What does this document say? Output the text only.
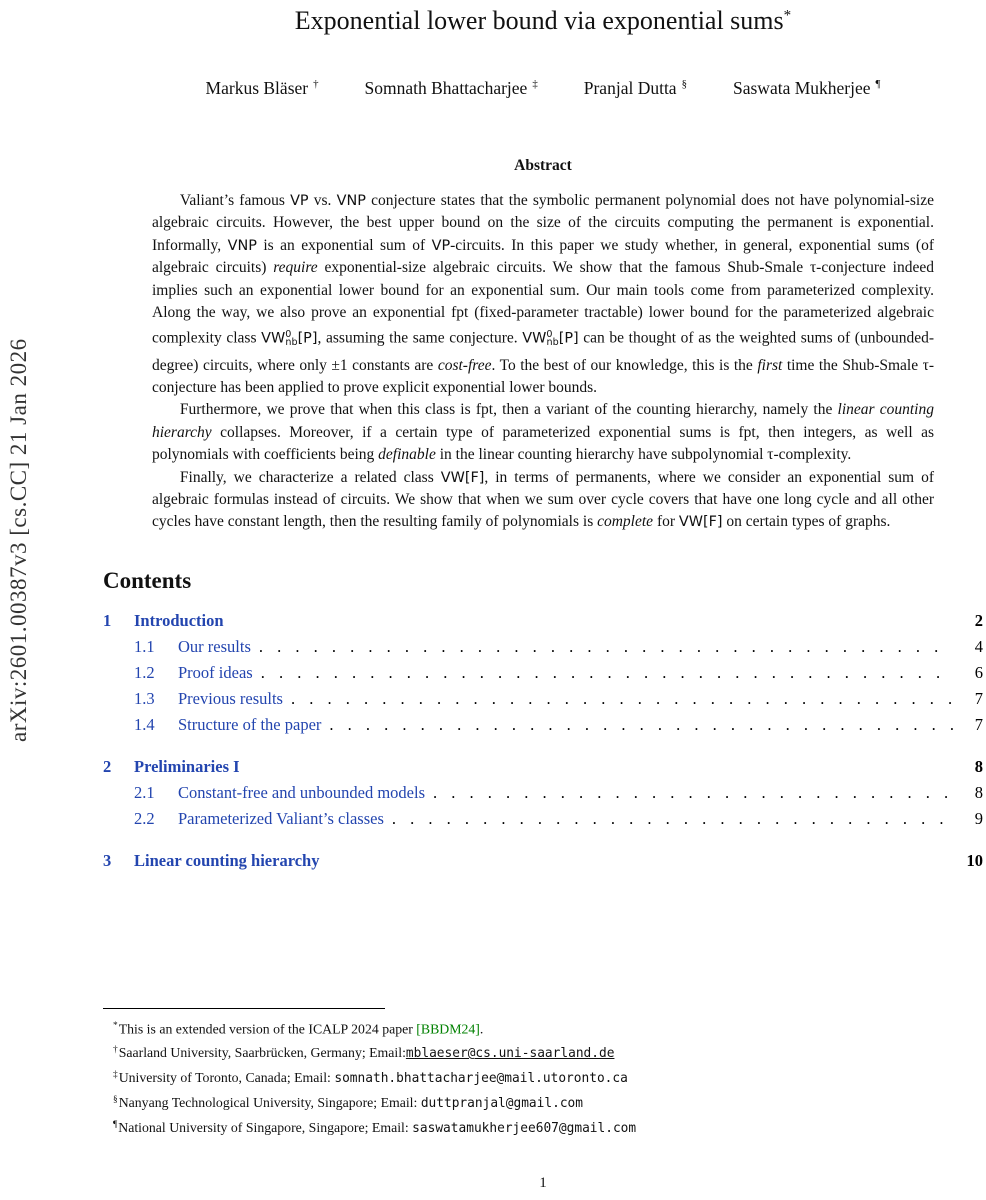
arXiv:2601.00387v3 [cs.CC] 21 Jan 2026
Exponential lower bound via exponential sums*
Markus Bläser †	Somnath Bhattacharjee ‡	Pranjal Dutta §	Saswata Mukherjee ¶
Abstract

Valiant’s famous VP vs. VNP conjecture states that the symbolic permanent polynomial does not have polynomial-size algebraic circuits. However, the best upper bound on the size of the circuits computing the permanent is exponential. Informally, VNP is an exponential sum of VP-circuits. In this paper we study whether, in general, exponential sums (of algebraic circuits) require exponential-size algebraic circuits. We show that the famous Shub-Smale τ-conjecture indeed implies such an exponential lower bound for an exponential sum. Our main tools come from parameterized complexity. Along the way, we also prove an exponential fpt (fixed-parameter tractable) lower bound for the parameterized algebraic complexity class $VW^0nb[P]$, assuming the same conjecture. $VW^0nb[P]$ can be thought of as the weighted sums of (unbounded-degree) circuits, where only ±1 constants are cost-free. To the best of our knowledge, this is the first time the Shub-Smale τ-conjecture has been applied to prove explicit exponential lower bounds.

Furthermore, we prove that when this class is fpt, then a variant of the counting hierarchy, namely the linear counting hierarchy collapses. Moreover, if a certain type of parameterized exponential sums is fpt, then integers, as well as polynomials with coefficients being definable in the linear counting hierarchy have subpolynomial τ-complexity.

Finally, we characterize a related class VW[F], in terms of permanents, where we consider an exponential sum of algebraic formulas instead of circuits. We show that when we sum over cycle covers that have one long cycle and all other cycles have constant length, then the resulting family of polynomials is complete for VW[F] on certain types of graphs.

Contents
1	Introduction	2
1.1	Our results . . .	4
1.2	Proof ideas . . .	6
1.3	Previous results . . .	7
1.4	Structure of the paper . . .	7
2	Preliminaries I	8
2.1	Constant-free and unbounded models . . .	8
2.2	Parameterized Valiant’s classes . . .	9
3	Linear counting hierarchy	10
*This is an extended version of the ICALP 2024 paper [BBDM24].
†Saarland University, Saarbrücken, Germany; Email:mblaeser@cs.uni-saarland.de
‡University of Toronto, Canada; Email: somnath.bhattacharjee@mail.utoronto.ca
§Nanyang Technological University, Singapore; Email: duttpranjal@gmail.com
¶National University of Singapore, Singapore; Email: saswatamukherjee607@gmail.com
1
